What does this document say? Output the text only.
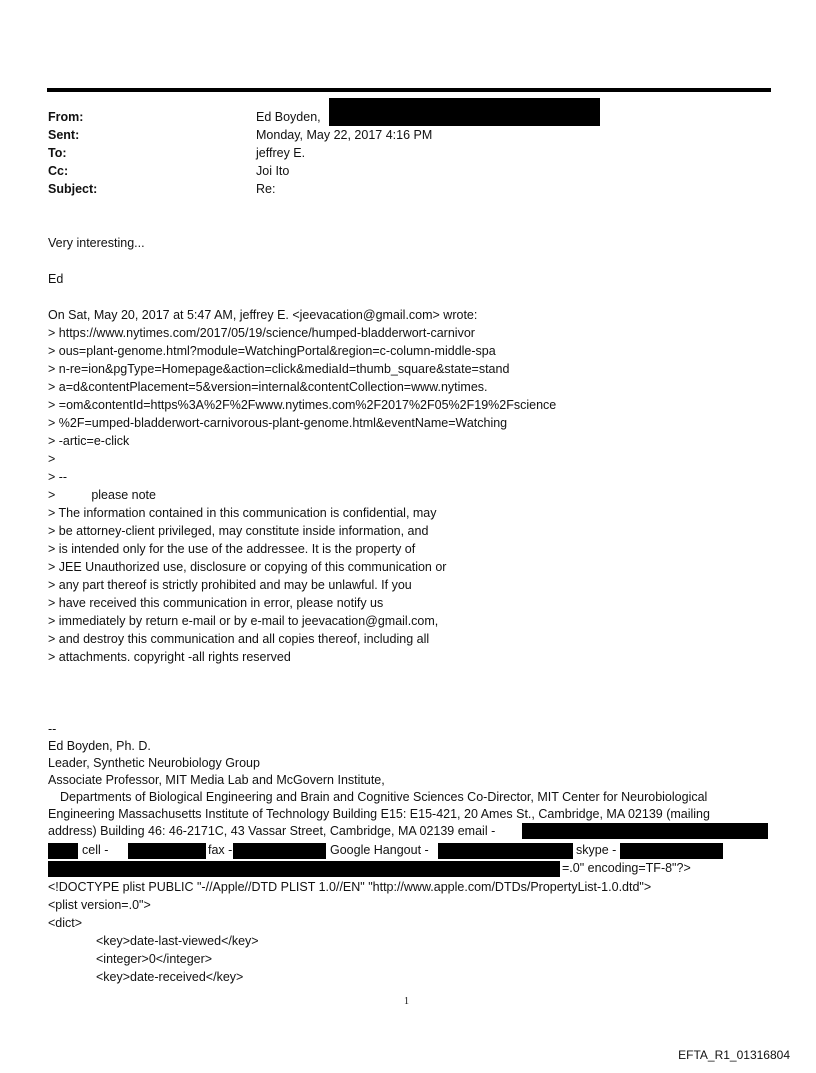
From:	Ed Boyden,
Sent:	Monday, May 22, 2017 4:16 PM
To:	jeffrey E.
Cc:	Joi Ito
Subject:	Re:
Very interesting...
Ed
On Sat, May 20, 2017 at 5:47 AM, jeffrey E. <jeevacation@gmail.com> wrote:
> https://www.nytimes.com/2017/05/19/science/humped-bladderwort-carnivor
> ous=plant-genome.html?module=WatchingPortal&region=c-column-middle-spa
> n-re=ion&pgType=Homepage&action=click&mediaId=thumb_square&state=stand
> a=d&contentPlacement=5&version=internal&contentCollection=www.nytimes.
> =om&contentId=https%3A%2F%2Fwww.nytimes.com%2F2017%2F05%2F19%2Fscience
> %2F=umped-bladderwort-carnivorous-plant-genome.html&eventName=Watching
> -artic=e-click
>
> --
>	please note
> The information contained in this communication is confidential, may
> be attorney-client privileged, may constitute inside information, and
> is intended only for the use of the addressee. It is the property of
> JEE Unauthorized use, disclosure or copying of this communication or
> any part thereof is strictly prohibited and may be unlawful. If you
> have received this communication in error, please notify us
> immediately by return e-mail or by e-mail to jeevacation@gmail.com,
> and destroy this communication and all copies thereof, including all
> attachments. copyright -all rights reserved
--
Ed Boyden, Ph. D.
Leader, Synthetic Neurobiology Group
Associate Professor, MIT Media Lab and McGovern Institute,
Departments of Biological Engineering and Brain and Cognitive Sciences Co-Director, MIT Center for Neurobiological
Engineering Massachusetts Institute of Technology Building E15: E15-421, 20 Ames St., Cambridge, MA 02139 (mailing
address) Building 46: 46-2171C, 43 Vassar Street, Cambridge, MA 02139 email -
cell -	fax -	Google Hangout -	skype -
=.0" encoding=TF-8"?>
<!DOCTYPE plist PUBLIC "-//Apple//DTD PLIST 1.0//EN" "http://www.apple.com/DTDs/PropertyList-1.0.dtd">
<plist version=.0">
<dict>
<key>date-last-viewed</key>
<integer>0</integer>
<key>date-received</key>
1
EFTA_R1_01316804
